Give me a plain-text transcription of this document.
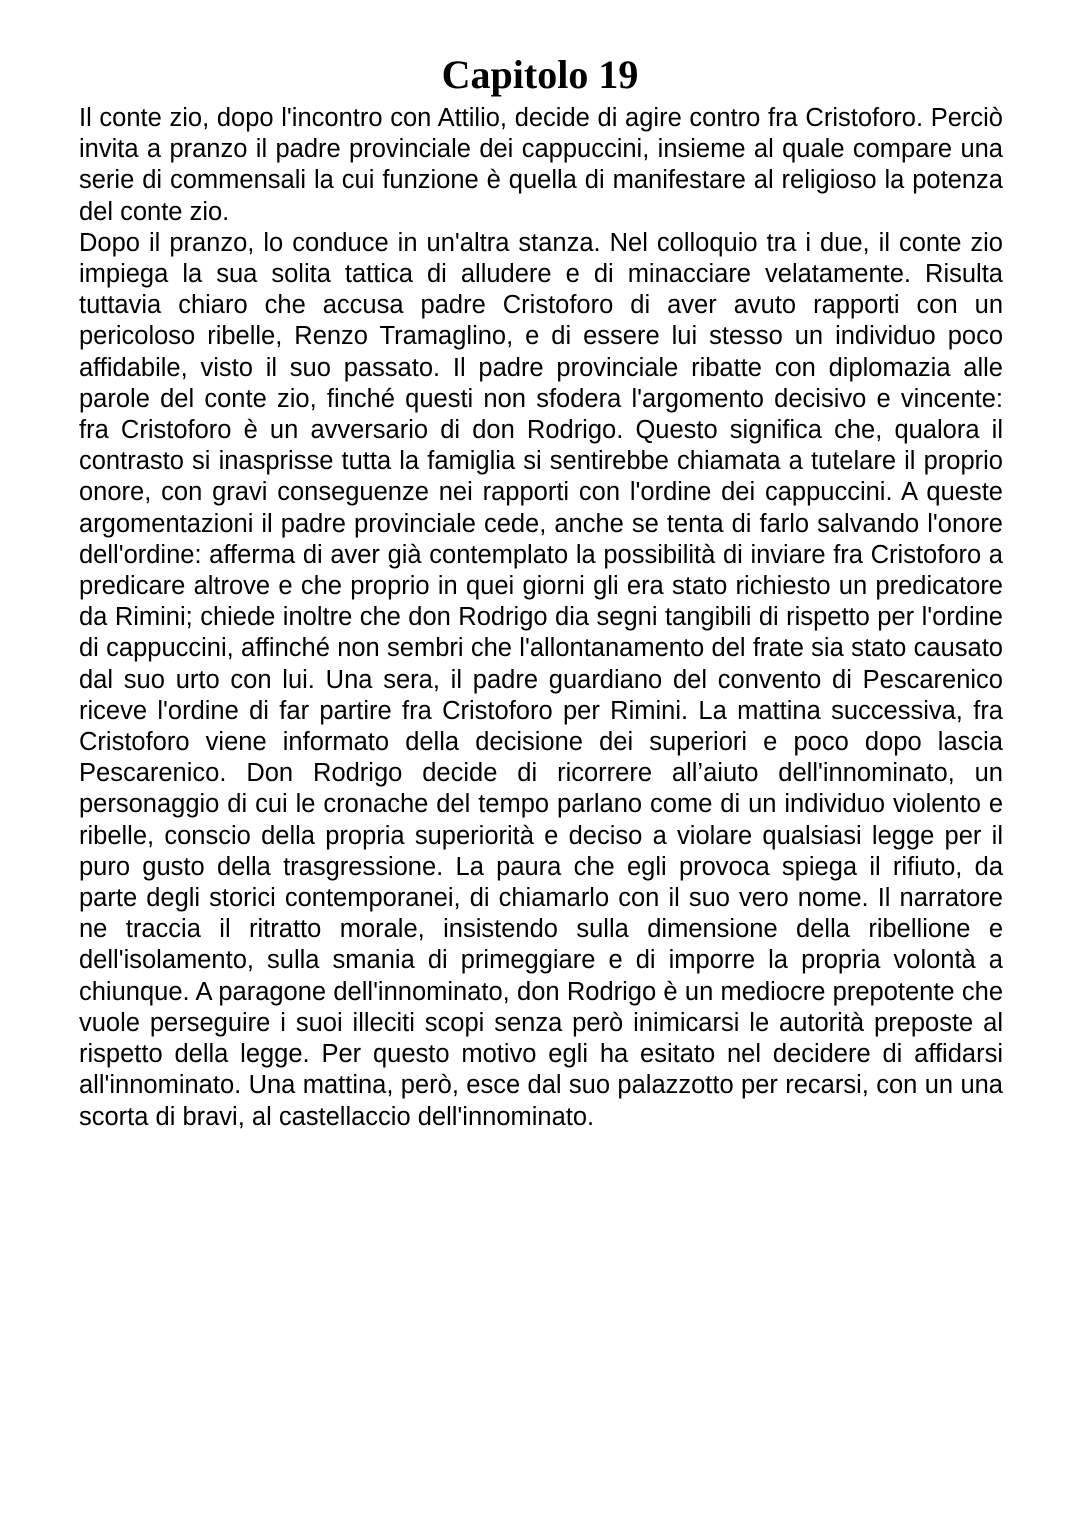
Capitolo 19

Il conte zio, dopo l'incontro con Attilio, decide di agire contro fra Cristoforo. Perciò invita a pranzo il padre provinciale dei cappuccini, insieme al quale compare una serie di commensali la cui funzione è quella di manifestare al religioso la potenza del conte zio.

Dopo il pranzo, lo conduce in un'altra stanza. Nel colloquio tra i due, il conte zio impiega la sua solita tattica di alludere e di minacciare velatamente. Risulta tuttavia chiaro che accusa padre Cristoforo di aver avuto rapporti con un pericoloso ribelle, Renzo Tramaglino, e di essere lui stesso un individuo poco affidabile, visto il suo passato. Il padre provinciale ribatte con diplomazia alle parole del conte zio, finché questi non sfodera l'argomento decisivo e vincente: fra Cristoforo è un avversario di don Rodrigo. Questo significa che, qualora il contrasto si inasprisse tutta la famiglia si sentirebbe chiamata a tutelare il proprio onore, con gravi conseguenze nei rapporti con l'ordine dei cappuccini. A queste argomentazioni il padre provinciale cede, anche se tenta di farlo salvando l'onore dell'ordine: afferma di aver già contemplato la possibilità di inviare fra Cristoforo a predicare altrove e che proprio in quei giorni gli era stato richiesto un predicatore da Rimini; chiede inoltre che don Rodrigo dia segni tangibili di rispetto per l'ordine di cappuccini, affinché non sembri che l'allontanamento del frate sia stato causato dal suo urto con lui. Una sera, il padre guardiano del convento di Pescarenico riceve l'ordine di far partire fra Cristoforo per Rimini. La mattina successiva, fra Cristoforo viene informato della decisione dei superiori e poco dopo lascia Pescarenico. Don Rodrigo decide di ricorrere all’aiuto dell'innominato, un personaggio di cui le cronache del tempo parlano come di un individuo violento e ribelle, conscio della propria superiorità e deciso a violare qualsiasi legge per il puro gusto della trasgressione. La paura che egli provoca spiega il rifiuto, da parte degli storici contemporanei, di chiamarlo con il suo vero nome. Il narratore ne traccia il ritratto morale, insistendo sulla dimensione della ribellione e dell'isolamento, sulla smania di primeggiare e di imporre la propria volontà a chiunque. A paragone dell'innominato, don Rodrigo è un mediocre prepotente che vuole perseguire i suoi illeciti scopi senza però inimicarsi le autorità preposte al rispetto della legge. Per questo motivo egli ha esitato nel decidere di affidarsi all'innominato. Una mattina, però, esce dal suo palazzotto per recarsi, con un una scorta di bravi, al castellaccio dell'innominato.
